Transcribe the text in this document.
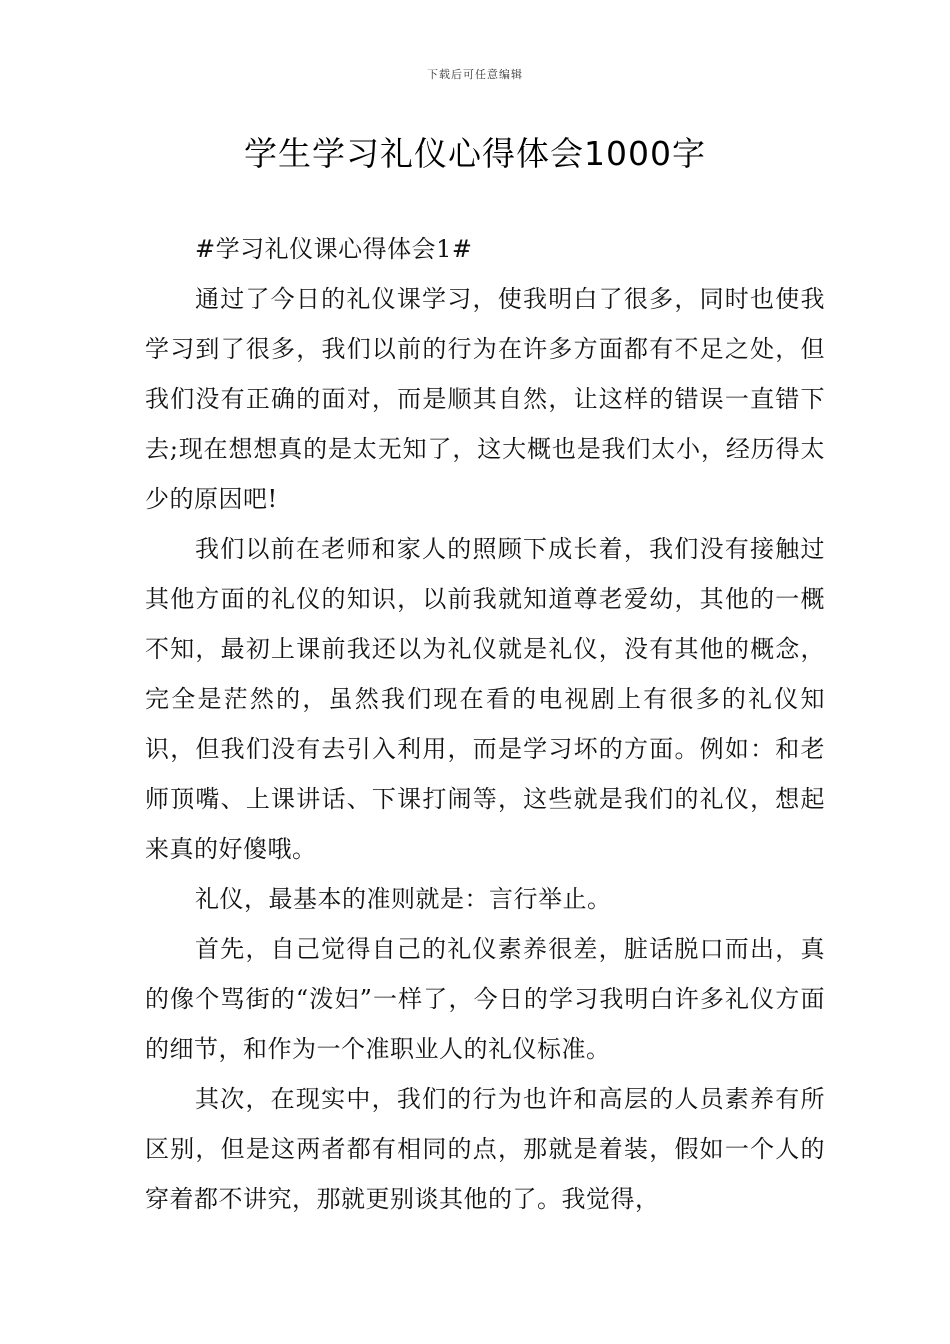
下载后可任意编辑
学生学习礼仪心得体会1000字

#学习礼仪课心得体会1#

通过了今日的礼仪课学习，使我明白了很多，同时也使我学习到了很多，我们以前的行为在许多方面都有不足之处，但我们没有正确的面对，而是顺其自然，让这样的错误一直错下去;现在想想真的是太无知了，这大概也是我们太小，经历得太少的原因吧!

我们以前在老师和家人的照顾下成长着，我们没有接触过其他方面的礼仪的知识，以前我就知道尊老爱幼，其他的一概不知，最初上课前我还以为礼仪就是礼仪，没有其他的概念，完全是茫然的，虽然我们现在看的电视剧上有很多的礼仪知识，但我们没有去引入利用，而是学习坏的方面。例如：和老师顶嘴、上课讲话、下课打闹等，这些就是我们的礼仪，想起来真的好傻哦。

礼仪，最基本的准则就是：言行举止。

首先，自己觉得自己的礼仪素养很差，脏话脱口而出，真的像个骂街的“泼妇”一样了，今日的学习我明白许多礼仪方面的细节，和作为一个准职业人的礼仪标准。

其次，在现实中，我们的行为也许和高层的人员素养有所区别，但是这两者都有相同的点，那就是着装，假如一个人的穿着都不讲究，那就更别谈其他的了。我觉得，
